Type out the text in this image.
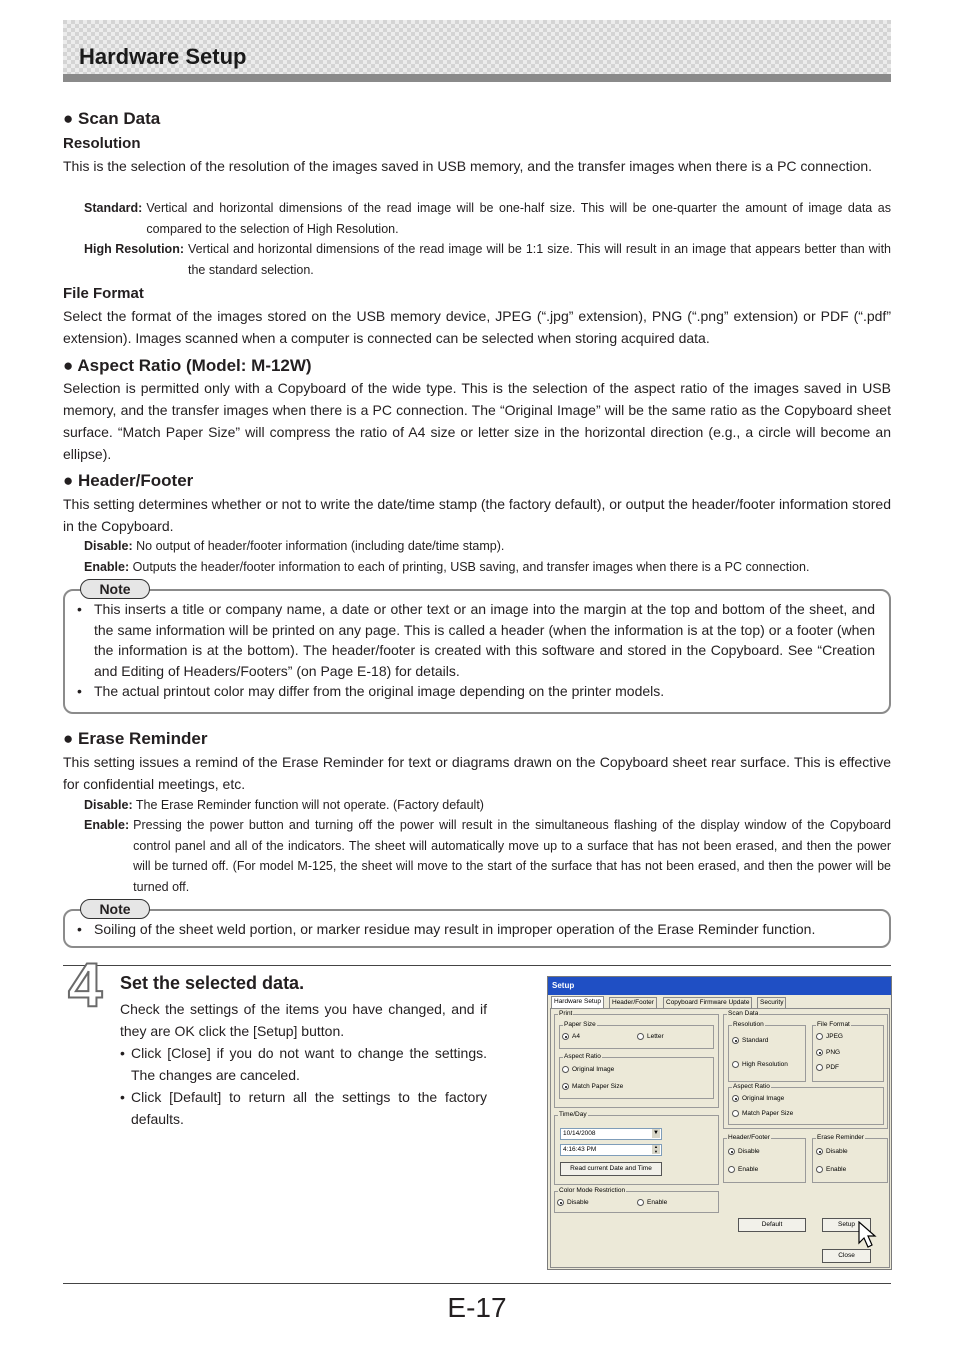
Hardware Setup
● Scan Data
Resolution
This is the selection of the resolution of the images saved in USB memory, and the transfer images when there is a PC connection.
Standard: Vertical and horizontal dimensions of the read image will be one-half size. This will be one-quarter the amount of image data as compared to the selection of High Resolution.
High Resolution: Vertical and horizontal dimensions of the read image will be 1:1 size. This will result in an image that appears better than with the standard selection.
File Format
Select the format of the images stored on the USB memory device, JPEG (“.jpg” extension), PNG (“.png” extension) or PDF (“.pdf” extension). Images scanned when a computer is connected can be selected when storing acquired data.
● Aspect Ratio (Model: M-12W)
Selection is permitted only with a Copyboard of the wide type. This is the selection of the aspect ratio of the images saved in USB memory, and the transfer images when there is a PC connection. The “Original Image” will be the same ratio as the Copyboard sheet surface. “Match Paper Size” will compress the ratio of A4 size or letter size in the horizontal direction (e.g., a circle will become an ellipse).
● Header/Footer
This setting determines whether or not to write the date/time stamp (the factory default), or output the header/footer information stored in the Copyboard.
Disable: No output of header/footer information (including date/time stamp).
Enable: Outputs the header/footer information to each of printing, USB saving, and transfer images when there is a PC connection.
Note
• This inserts a title or company name, a date or other text or an image into the margin at the top and bottom of the sheet, and the same information will be printed on any page. This is called a header (when the information is at the top) or a footer (when the information is at the bottom). The header/footer is created with this software and stored in the Copyboard. See “Creation and Editing of Headers/Footers” (on Page E-18) for details.
• The actual printout color may differ from the original image depending on the printer models.
● Erase Reminder
This setting issues a remind of the Erase Reminder for text or diagrams drawn on the Copyboard sheet rear surface. This is effective for confidential meetings, etc.
Disable: The Erase Reminder function will not operate. (Factory default)
Enable: Pressing the power button and turning off the power will result in the simultaneous flashing of the display window of the Copyboard control panel and all of the indicators. The sheet will automatically move up to a surface that has not been erased, and then the power will be turned off. (For model M-125, the sheet will move to the start of the surface that has not been erased, and then the power will be turned off.
Note
• Soiling of the sheet weld portion, or marker residue may result in improper operation of the Erase Reminder function.
4 Set the selected data.
Check the settings of the items you have changed, and if they are OK click the [Setup] button.
• Click [Close] if you do not want to change the settings. The changes are canceled.
• Click [Default] to return all the settings to the factory defaults.
Setup
Hardware Setup	Header/Footer	Copyboard Firmware Update	Security
Print
Paper Size
A4	Letter
Aspect Ratio
Original Image
Match Paper Size
Scan Data
Resolution
Standard
High Resolution
File Format
JPEG
PNG
PDF
Aspect Ratio
Original Image
Match Paper Size
Time/Day
10/14/2008	▼
4:16:43 PM	▲
▼
Read current Date and Time
Header/Footer
Disable
Enable
Erase Reminder
Disable
Enable
Color Mode Restriction
Disable	Enable
Default	Setup
Close
E-17
